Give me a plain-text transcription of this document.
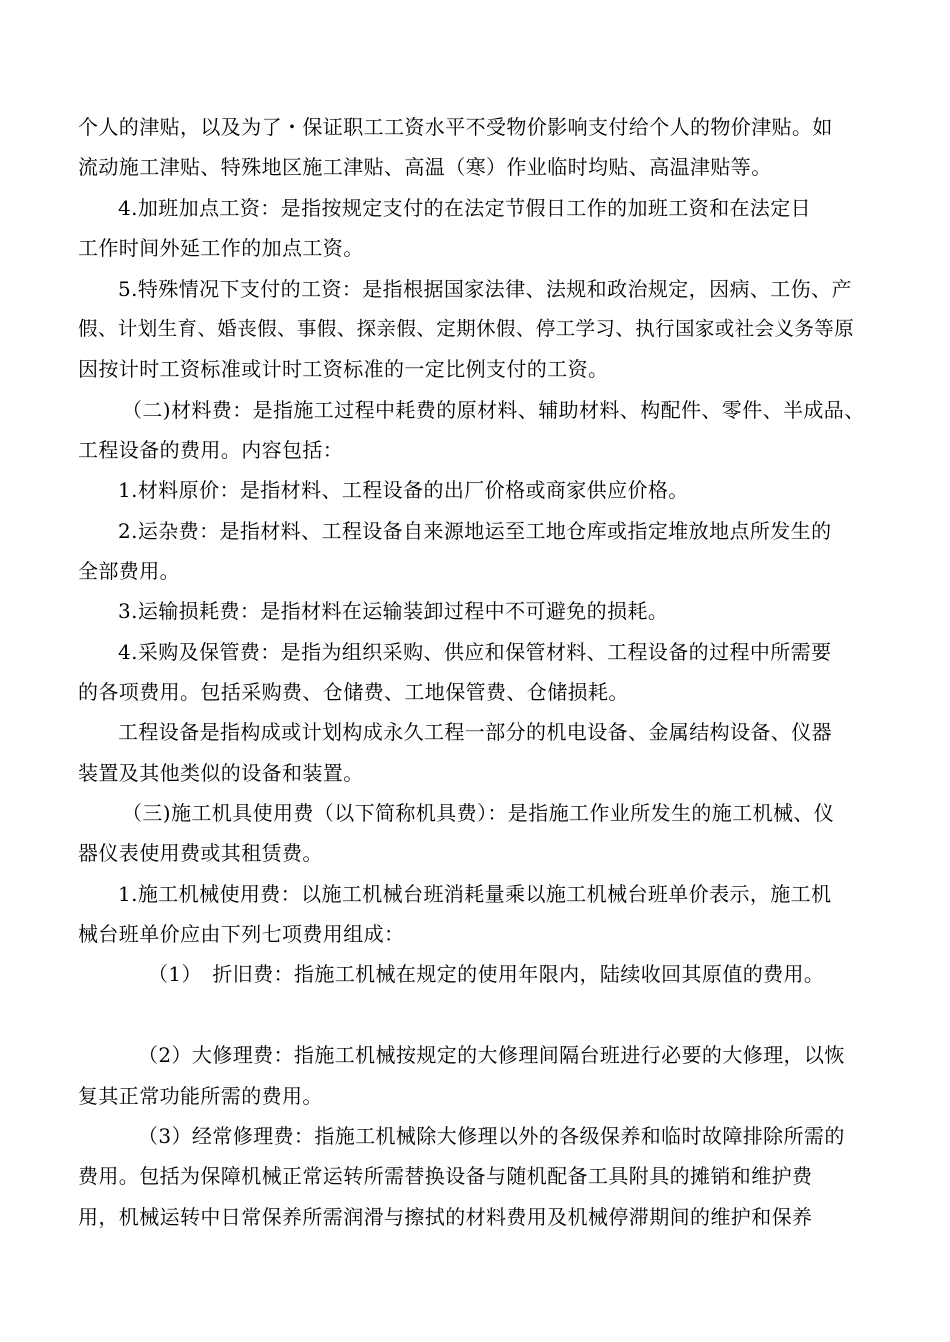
个人的津贴，以及为了・保证职工工资水平不受物价影响支付给个人的物价津贴。如
流动施工津贴、特殊地区施工津贴、高温（寒）作业临时均贴、高温津贴等。
4.加班加点工资：是指按规定支付的在法定节假日工作的加班工资和在法定日
工作时间外延工作的加点工资。
5.特殊情况下支付的工资：是指根据国家法律、法规和政治规定，因病、工伤、产
假、计划生育、婚丧假、事假、探亲假、定期休假、停工学习、执行国家或社会义务等原
因按计时工资标准或计时工资标准的一定比例支付的工资。
（二)材料费：是指施工过程中耗费的原材料、辅助材料、构配件、零件、半成品、
工程设备的费用。内容包括：
1.材料原价：是指材料、工程设备的出厂价格或商家供应价格。
2.运杂费：是指材料、工程设备自来源地运至工地仓库或指定堆放地点所发生的
全部费用。
3.运输损耗费：是指材料在运输装卸过程中不可避免的损耗。
4.采购及保管费：是指为组织采购、供应和保管材料、工程设备的过程中所需要
的各项费用。包括采购费、仓储费、工地保管费、仓储损耗。
工程设备是指构成或计划构成永久工程一部分的机电设备、金属结构设备、仪器
装置及其他类似的设备和装置。
（三)施工机具使用费（以下简称机具费）：是指施工作业所发生的施工机械、仪
器仪表使用费或其租赁费。
1.施工机械使用费：以施工机械台班消耗量乘以施工机械台班单价表示，施工机
械台班单价应由下列七项费用组成：
（1）　折旧费：指施工机械在规定的使用年限内，陆续收回其原值的费用。
（2）大修理费：指施工机械按规定的大修理间隔台班进行必要的大修理，以恢
复其正常功能所需的费用。
（3）经常修理费：指施工机械除大修理以外的各级保养和临时故障排除所需的
费用。包括为保障机械正常运转所需替换设备与随机配备工具附具的摊销和维护费
用，机械运转中日常保养所需润滑与擦拭的材料费用及机械停滞期间的维护和保养
